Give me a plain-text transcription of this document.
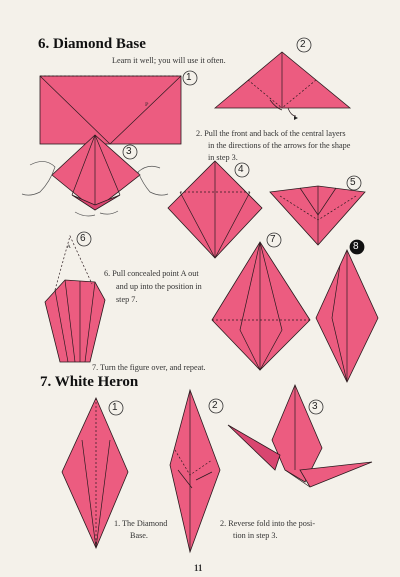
P
A
1
2
3
4
5
6	7
8
1	2	3
6. Diamond Base
Learn it well; you will use it often.
2. Pull the front and back of the central layers
in the directions of the arrows for the shape
in step 3.
6. Pull concealed point A out
and up into the position in
step 7.
7. Turn the figure over, and repeat.
7. White Heron
1. The Diamond
Base.
2. Reverse fold into the posi-
tion in step 3.
11
